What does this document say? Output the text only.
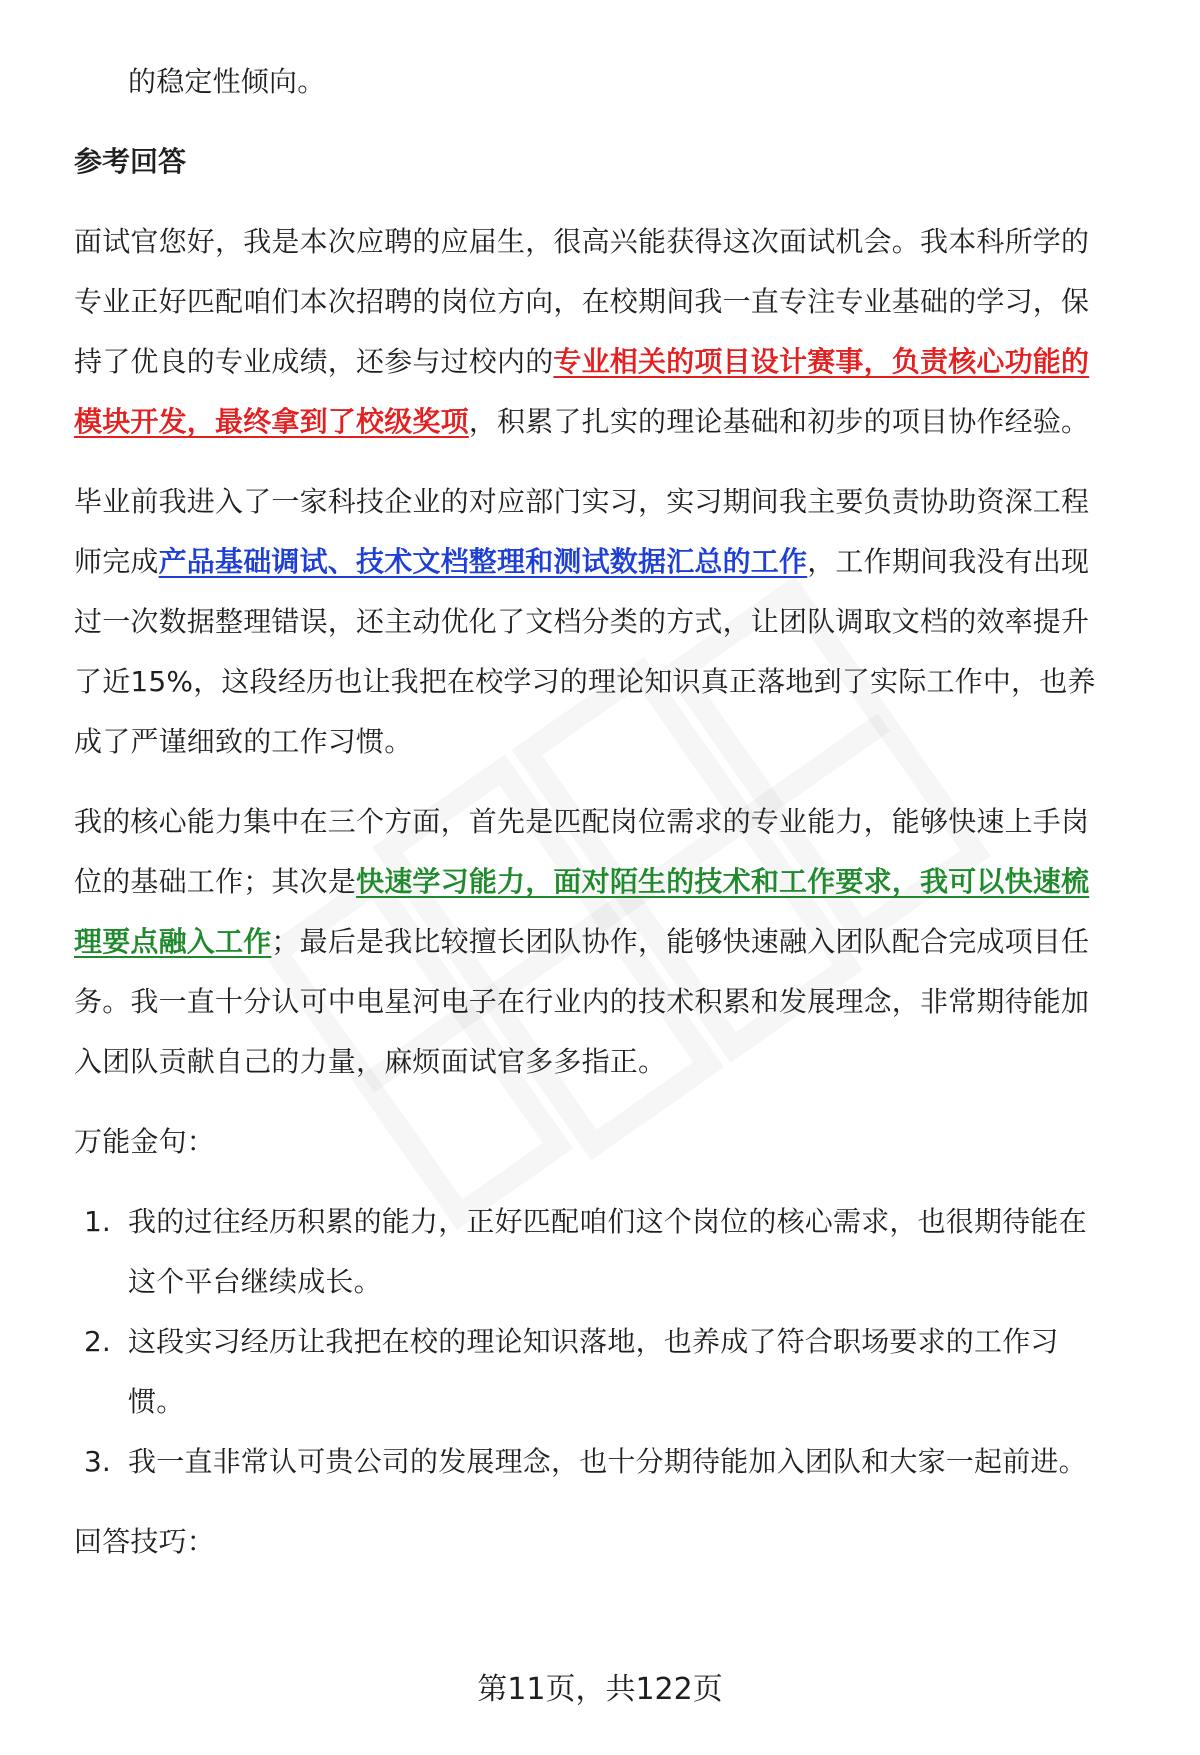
的稳定性倾向。
参考回答
面试官您好，我是本次应聘的应届生，很高兴能获得这次面试机会。我本科所学的
专业正好匹配咱们本次招聘的岗位方向，在校期间我一直专注专业基础的学习，保
持了优良的专业成绩，还参与过校内的专业相关的项目设计赛事，负责核心功能的
模块开发，最终拿到了校级奖项，积累了扎实的理论基础和初步的项目协作经验。
毕业前我进入了一家科技企业的对应部门实习，实习期间我主要负责协助资深工程
师完成产品基础调试、技术文档整理和测试数据汇总的工作，工作期间我没有出现
过一次数据整理错误，还主动优化了文档分类的方式，让团队调取文档的效率提升
了近15%，这段经历也让我把在校学习的理论知识真正落地到了实际工作中，也养
成了严谨细致的工作习惯。
我的核心能力集中在三个方面，首先是匹配岗位需求的专业能力，能够快速上手岗
位的基础工作；其次是快速学习能力，面对陌生的技术和工作要求，我可以快速梳
理要点融入工作；最后是我比较擅长团队协作，能够快速融入团队配合完成项目任
务。我一直十分认可中电星河电子在行业内的技术积累和发展理念，非常期待能加
入团队贡献自己的力量，麻烦面试官多多指正。
万能金句：
1. 我的过往经历积累的能力，正好匹配咱们这个岗位的核心需求，也很期待能在
这个平台继续成长。
2. 这段实习经历让我把在校的理论知识落地，也养成了符合职场要求的工作习
惯。
3. 我一直非常认可贵公司的发展理念，也十分期待能加入团队和大家一起前进。
回答技巧：
第11页，共122页
